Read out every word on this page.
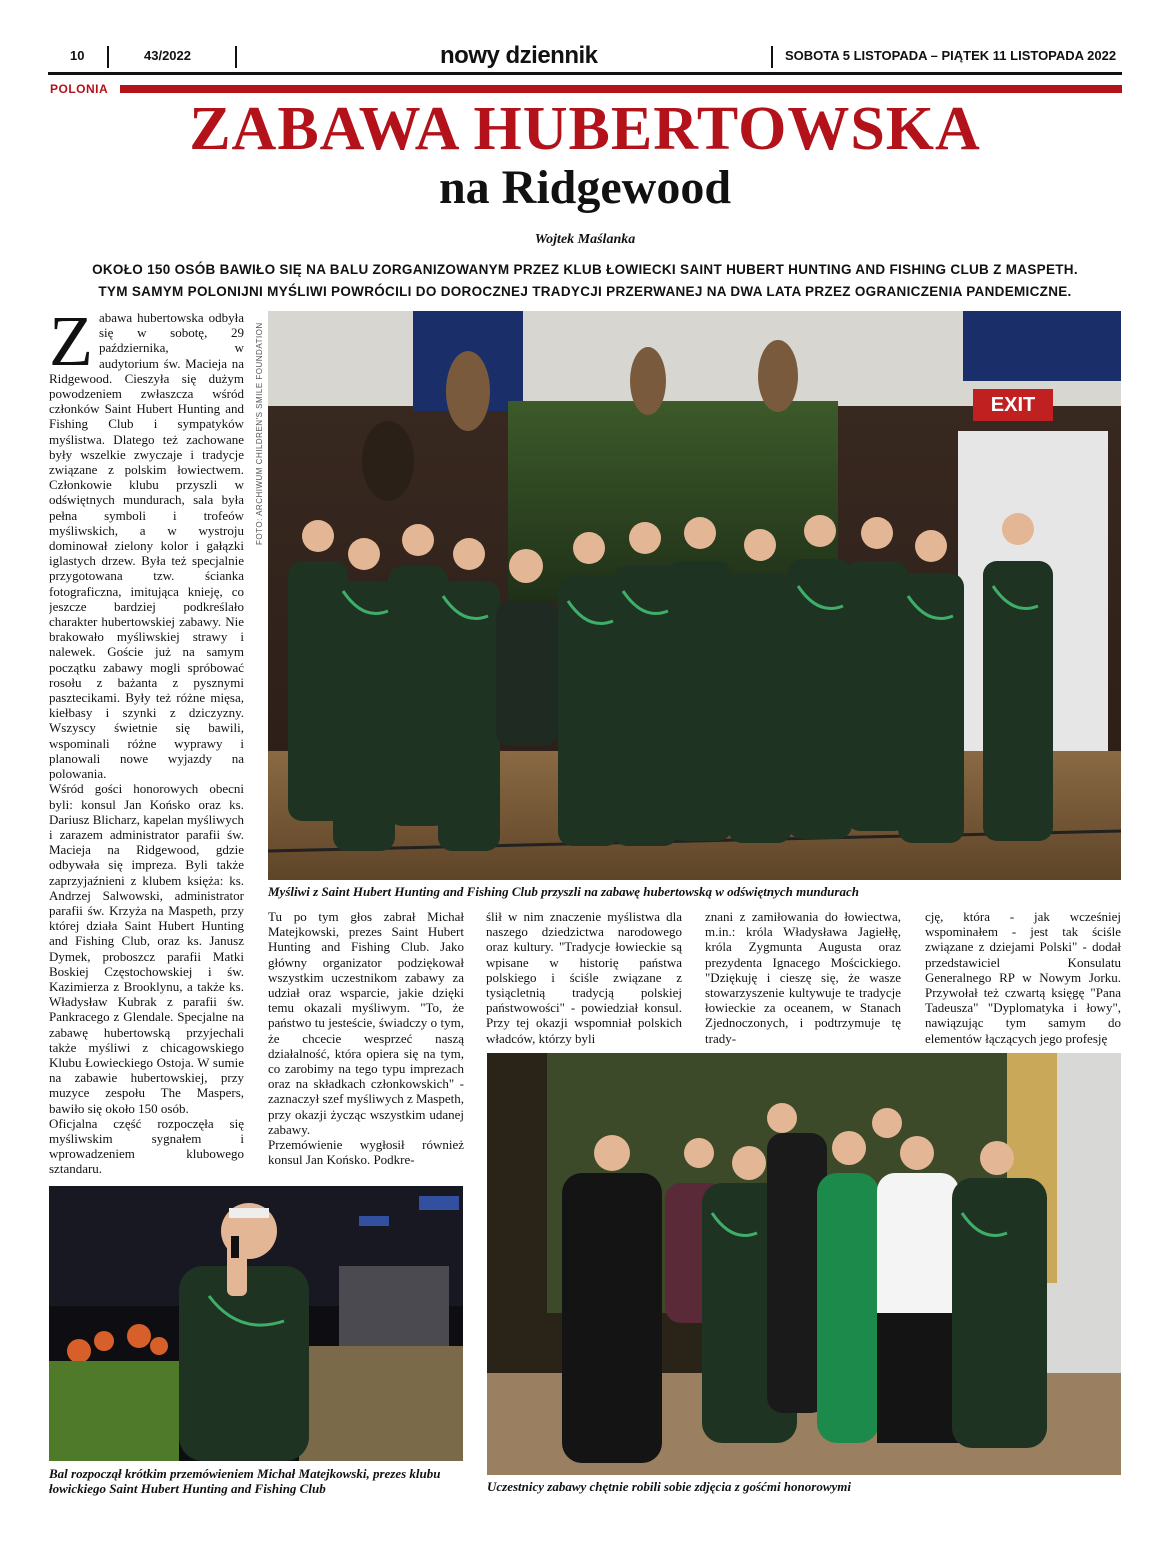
10	43/2022	nowy dziennik	SOBOTA 5 LISTOPADA – PIĄTEK 11 LISTOPADA 2022
POLONIA
ZABAWA HUBERTOWSKA
na Ridgewood
Wojtek Maślanka
OKOŁO 150 OSÓB BAWIŁO SIĘ NA BALU ZORGANIZOWANYM PRZEZ KLUB ŁOWIECKI SAINT HUBERT HUNTING AND FISHING CLUB Z MASPETH.
TYM SAMYM POLONIJNI MYŚLIWI POWRÓCILI DO DOROCZNEJ TRADYCJI PRZERWANEJ NA DWA LATA PRZEZ OGRANICZENIA PANDEMICZNE.
Z abawa hubertowska odbyła się w sobotę, 29 października, w audytorium św. Macieja na Ridgewood. Cieszyła się dużym powodzeniem zwłaszcza wśród członków Saint Hubert Hunting and Fishing Club i sympatyków myślistwa. Dlatego też zachowane były wszelkie zwyczaje i tradycje związane z polskim łowiectwem. Członkowie klubu przyszli w odświętnych mundurach, sala była pełna symboli i trofeów myśliwskich, a w wystroju dominował zielony kolor i gałązki iglastych drzew. Była też specjalnie przygotowana tzw. ścianka fotograficzna, imitująca knieję, co jeszcze bardziej podkreślało charakter hubertowskiej zabawy. Nie brakowało myśliwskiej strawy i nalewek. Goście już na samym początku zabawy mogli spróbować rosołu z bażanta z pysznymi pasztecikami. Były też różne mięsa, kiełbasy i szynki z dziczyzny. Wszyscy świetnie się bawili, wspominali różne wyprawy i planowali nowe wyjazdy na polowania.

Wśród gości honorowych obecni byli: konsul Jan Końsko oraz ks. Dariusz Blicharz, kapelan myśliwych i zarazem administrator parafii św. Macieja na Ridgewood, gdzie odbywała się impreza. Byli także zaprzyjaźnieni z klubem księża: ks. Andrzej Salwowski, administrator parafii św. Krzyża na Maspeth, przy której działa Saint Hubert Hunting and Fishing Club, oraz ks. Janusz Dymek, proboszcz parafii Matki Boskiej Częstochowskiej i św. Kazimierza z Brooklynu, a także ks. Władysław Kubrak z parafii św. Pankracego z Glendale. Specjalne na zabawę hubertowską przyjechali także myśliwi z chicagowskiego Klubu Łowieckiego Ostoja. W sumie na zabawie hubertowskiej, przy muzyce zespołu The Maspers, bawiło się około 150 osób.

Oficjalna część rozpoczęła się myśliwskim sygnałem i wprowadzeniem klubowego sztandaru.

FOTO: ARCHIWUM CHILDREN'S SMILE FOUNDATION	EXIT
Myśliwi z Saint Hubert Hunting and Fishing Club przyszli na zabawę hubertowską w odświętnych mundurach

Tu po tym głos zabrał Michał Matejkowski, prezes Saint Hubert Hunting and Fishing Club. Jako główny organizator podziękował wszystkim uczestnikom zabawy za udział oraz wsparcie, jakie dzięki temu okazali myśliwym. "To, że państwo tu jesteście, świadczy o tym, że chcecie wesprzeć naszą działalność, która opiera się na tym, co zarobimy na tego typu imprezach oraz na składkach członkowskich" - zaznaczył szef myśliwych z Maspeth, przy okazji życząc wszystkim udanej zabawy.

Przemówienie wygłosił również konsul Jan Końsko. Podkre-

ślił w nim znaczenie myślistwa dla naszego dziedzictwa narodowego oraz kultury. "Tradycje łowieckie są wpisane w historię państwa polskiego i ściśle związane z tysiącletnią tradycją polskiej państwowości" - powiedział konsul. Przy tej okazji wspomniał polskich władców, którzy byli

znani z zamiłowania do łowiectwa, m.in.: króla Władysława Jagiełłę, króla Zygmunta Augusta oraz prezydenta Ignacego Mościckiego. "Dziękuję i cieszę się, że wasze stowarzyszenie kultywuje te tradycje łowieckie za oceanem, w Stanach Zjednoczonych, i podtrzymuje tę trady-

cję, która - jak wcześniej wspominałem - jest tak ściśle związane z dziejami Polski" - dodał przedstawiciel Konsulatu Generalnego RP w Nowym Jorku. Przywołał też czwartą księgę "Pana Tadeusza" "Dyplomatyka i łowy", nawiązując tym samym do elementów łączących jego profesję

Bal rozpoczął krótkim przemówieniem Michał Matejkowski, prezes klubu łowickiego Saint Hubert Hunting and Fishing Club	Uczestnicy zabawy chętnie robili sobie zdjęcia z gośćmi honorowymi
